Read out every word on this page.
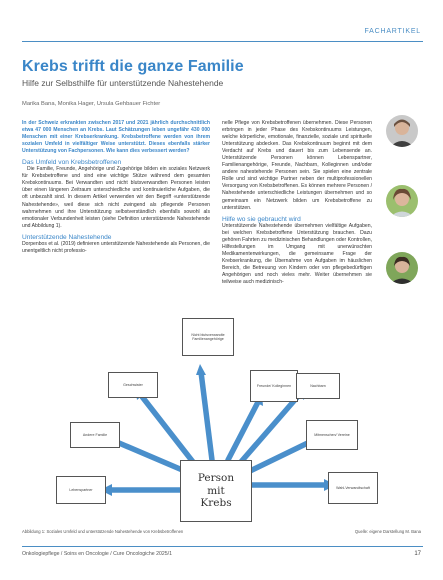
FACHARTIKEL
Krebs trifft die ganze Familie
Hilfe zur Selbsthilfe für unterstützende Nahestehende
Marika Bana, Monika Hager, Ursula Gehbauer Fichter

In der Schweiz erkrankten zwischen 2017 und 2021 jährlich durchschnittlich etwa 47 000 Menschen an Krebs. Laut Schätzungen leben ungefähr 430 000 Menschen mit einer Krebserkrankung. Krebsbetroffene werden von ihrem sozialen Umfeld in vielfältiger Weise unterstützt. Dieses ebenfalls stärker Unterstützung von Fachpersonen. Wie kann dies verbessert werden?

Das Umfeld von Krebsbetroffenen

Die Familie, Freunde, Angehörige und Zugehörige bilden ein soziales Netzwerk für Krebsbetroffene und sind eine wichtige Stütze während dem gesamten Krebskontinuums. Bei Verwandten und nicht blutsverwandten Personen leisten über einen längeren Zeitraum unterschiedliche und kontinuierliche Aufgaben, die oft unbezahlt sind. In diesem Artikel verwenden wir den Begriff «unterstützende Nahestehende», weil diese sich nicht zwingend als pflegende Personen wahrnehmen und ihre Unterstützung selbstverständlich ebenfalls sowohl als emotionaler Verbundenheit leisten (siehe Definition unterstützende Nahestehende und Abbildung 1).

Unterstützende Nahestehende

Dorpenbos et al. (2019) definieren unterstützende Nahestehende als Personen, die unentgeltlich nicht professio-

nelle Pflege von Krebsbetroffenen übernehmen. Diese Personen erbringen in jeder Phase des Krebskontinuums Leistungen, welche körperliche, emotionale, finanzielle, soziale und spirituelle Unterstützung abdecken. Das Krebskontinuum beginnt mit dem Verdacht auf Krebs und dauert bis zum Lebensende an. Unterstützende Personen können Lebenspartner, Familienangehörige, Freunde, Nachbarn, Kolleginnen und/oder andere nahestehende Personen sein. Sie spielen eine zentrale Rolle und sind wichtige Partner neben der multiprofessionellen Versorgung von Krebsbetroffenen. Es können mehrere Personen / Nahestehende unterschiedliche Leistungen übernehmen und so gemeinsam ein Netzwerk bilden um Krebsbetroffene zu unterstützen.

Hilfe wo sie gebraucht wird

Unterstützende Nahestehende übernehmen vielfältige Aufgaben, bei welchen Krebsbetroffene Unterstützung brauchen. Dazu gehören Fahrten zu medizinischen Behandlungen oder Kontrollen, Hilfestellungen im Umgang mit unerwünschten Medikamentenwirkungen, die gemeinsame Frage der Krebserkrankung, die Übernahme von Aufgaben im häuslichen Bereich, die Betreuung von Kindern oder von pflegebedürftigen Angehörigen und noch vieles mehr. Weiter übernehmen sie teilweise auch medizinisch-

Nicht blutsverwandte Familienangehörige
Freunde/ Kolleginnen
Geschwister	Nachbarn
Andere Familie	Mitmenschen/ Vereine
Lebenspartner	Wahl-Verwandtschaft
Person
mit
Krebs
Abbildung 1: Soziales Umfeld und unterstützende Nahestehende von Krebsbetroffenen	Quelle: eigene Darstellung M. Bana
Onkologiepflege / Soins en Oncologie / Cure Oncologiche 2025/1	17
